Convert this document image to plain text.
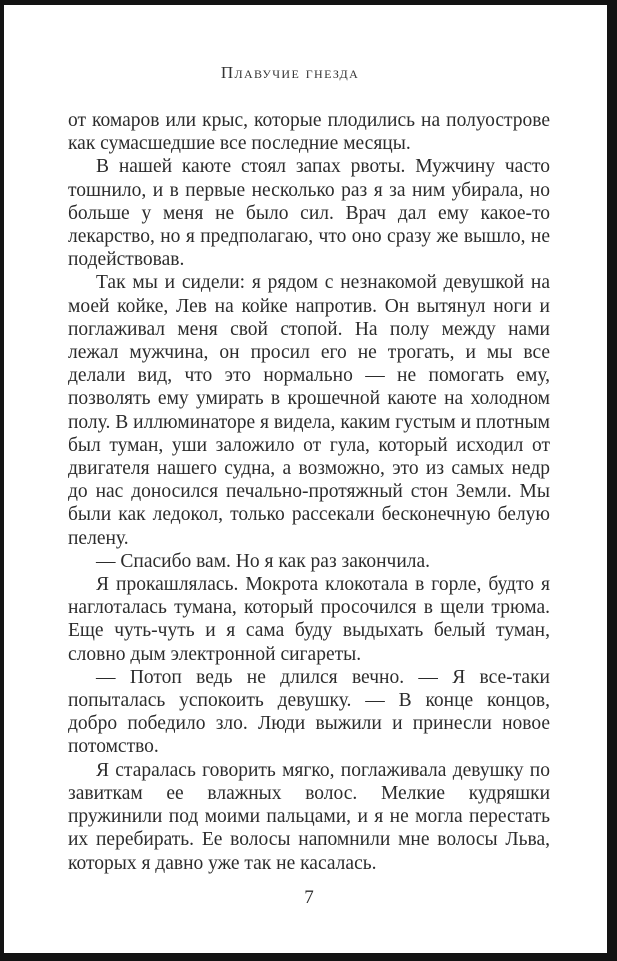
Плавучие гнезда

от комаров или крыс, которые плодились на полуострове как сумасшедшие все последние месяцы.

В нашей каюте стоял запах рвоты. Мужчину часто тошнило, и в первые несколько раз я за ним убирала, но больше у меня не было сил. Врач дал ему какое-то лекарство, но я предполагаю, что оно сразу же вышло, не подействовав.

Так мы и сидели: я рядом с незнакомой девушкой на моей койке, Лев на койке напротив. Он вытянул ноги и поглаживал меня свой стопой. На полу между нами лежал мужчина, он просил его не трогать, и мы все делали вид, что это нормально — не помогать ему, позволять ему умирать в крошечной каюте на холодном полу. В иллюминаторе я видела, каким густым и плотным был туман, уши заложило от гула, который исходил от двигателя нашего судна, а возможно, это из самых недр до нас доносился печально-протяжный стон Земли. Мы были как ледокол, только рассекали бесконечную белую пелену.

— Спасибо вам. Но я как раз закончила.

Я прокашлялась. Мокрота клокотала в горле, будто я наглоталась тумана, который просочился в щели трюма. Еще чуть-чуть и я сама буду выдыхать белый туман, словно дым электронной сигареты.

— Потоп ведь не длился вечно. — Я все-таки попыталась успокоить девушку. — В конце концов, добро победило зло. Люди выжили и принесли новое потомство.

Я старалась говорить мягко, поглаживала девушку по завиткам ее влажных волос. Мелкие кудряшки пружинили под моими пальцами, и я не могла перестать их перебирать. Ее волосы напомнили мне волосы Льва, которых я давно уже так не касалась.

7
